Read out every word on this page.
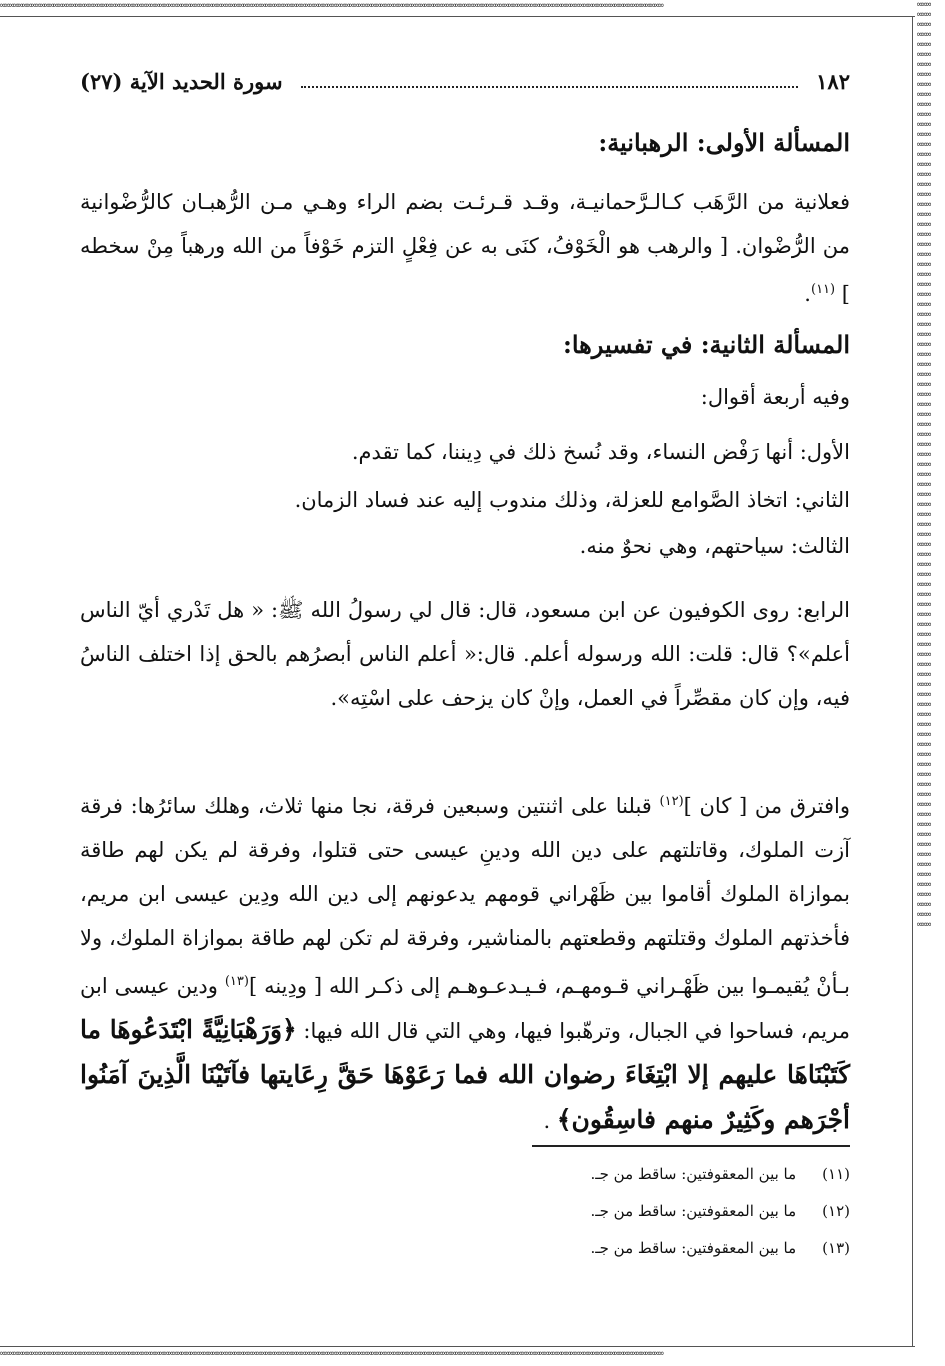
∞∞∞∞∞∞∞∞∞∞∞∞∞∞∞∞∞∞∞∞∞∞∞∞∞∞∞∞∞∞∞∞∞∞∞∞∞∞∞∞∞∞∞∞∞∞∞∞∞∞∞∞∞∞∞∞∞∞∞∞∞∞∞∞∞∞∞∞∞∞∞∞∞∞∞∞∞∞∞∞∞∞∞∞∞∞∞∞∞∞∞∞∞∞∞∞∞∞∞∞∞∞∞∞∞∞∞∞∞∞∞∞∞∞∞∞∞∞∞∞∞∞∞∞∞∞∞∞∞∞∞∞∞∞∞∞∞∞∞∞∞∞∞∞∞∞∞∞∞∞
∞∞∞∞∞∞∞∞∞∞∞∞∞∞∞∞∞∞∞∞∞∞∞∞∞∞∞∞∞∞∞∞∞∞∞∞∞∞∞∞∞∞∞∞∞∞∞∞∞∞∞∞∞∞∞∞∞∞∞∞∞∞∞∞∞∞∞∞∞∞∞∞∞∞∞∞∞∞∞∞∞∞∞∞∞∞∞∞∞∞∞∞∞∞∞∞∞∞∞∞∞∞∞∞∞∞∞∞∞∞∞∞∞∞∞∞∞∞∞∞∞∞∞∞∞∞∞∞∞∞∞∞∞∞∞∞∞∞∞∞∞∞∞∞∞∞∞∞∞∞
∞∞∞∞∞∞∞∞∞∞∞∞∞∞∞∞∞∞∞∞∞∞∞∞∞∞∞∞∞∞∞∞∞∞∞∞∞∞∞∞∞∞∞∞∞∞∞∞∞∞∞∞∞∞∞∞∞∞∞∞∞∞∞∞∞∞∞∞∞∞∞∞∞∞∞∞∞∞∞∞∞∞∞∞∞∞∞∞∞∞∞∞∞∞∞∞∞∞∞∞∞∞∞∞∞∞∞∞∞∞∞∞∞∞∞∞∞∞∞∞∞∞∞∞∞∞∞∞∞∞∞∞∞∞∞∞∞∞∞∞∞∞∞∞∞∞∞∞∞∞∞∞∞∞∞∞∞∞∞∞∞∞∞∞∞∞∞∞∞∞∞∞∞∞∞∞∞∞∞∞∞∞∞∞∞∞∞∞∞∞∞∞∞∞∞∞∞∞∞∞∞∞∞∞∞∞∞∞∞∞∞∞∞∞∞∞∞∞∞∞∞∞∞∞∞∞∞∞∞∞∞∞∞∞∞∞∞∞∞∞∞∞∞∞∞∞∞∞∞∞∞∞∞∞∞∞∞∞∞∞∞∞∞∞∞∞∞∞∞∞∞∞∞∞∞∞∞∞∞
١٨٢
سورة الحديد الآية (٢٧)
المسألة الأولى: الرهبانية:
فعلانية من الرَّهَب كـالـرَّحمانيـة، وقـد قـرئـت بضم الراء وهـي مـن الرُّهبـان كالرُّضْوانية من الرُّضْوان. [ والرهب هو الْخَوْفُ، كنَى به عن فِعْلٍ التزم خَوْفاً من الله ورهباً مِنْ سخطه ] $^{(١١)}$.
المسألة الثانية: في تفسيرها:
وفيه أربعة أقوال:
الأول: أنها رَفْض النساء، وقد نُسخ ذلك في دِيننا، كما تقدم.
الثاني: اتخاذ الصَّوامع للعزلة، وذلك مندوب إليه عند فساد الزمان.
الثالث: سياحتهم، وهي نحوٌ منه.
الرابع: روى الكوفيون عن ابن مسعود، قال: قال لي رسولُ الله ﷺ: « هل تَدْري أيّ الناس أعلم»؟ قال: قلت: الله ورسوله أعلم. قال:« أعلم الناس أبصرُهم بالحق إذا اختلف الناسُ فيه، وإن كان مقصِّراً في العمل، وإنْ كان يزحف على اسْتِه».
وافترق من [ كان ]$^{(١٢)}$ قبلنا على اثنتين وسبعين فرقة، نجا منها ثلاث، وهلك سائرُها: فرقة آزت الملوك، وقاتلتهم على دين الله ودينِ عيسى حتى قتلوا، وفرقة لم يكن لهم طاقة بموازاة الملوك أقاموا بين ظَهْراني قومهم يدعونهم إلى دين الله ودِين عيسى ابن مريم، فأخذتهم الملوك وقتلتهم وقطعتهم بالمناشير، وفرقة لم تكن لهم طاقة بموازاة الملوك، ولا بـأنْ يُقيمـوا بين ظَهْـراني قـومهـم، فـيـدعـوهـم إلى ذكـر الله [ ودِينه ]$^{(١٣)}$ ودين عيسى ابن مريم، فساحوا في الجبال، وترهّبوا فيها، وهي التي قال الله فيها: ﴿وَرَهْبَانِيَّةً ابْتَدَعُوهَا ما كَتَبْنَاهَا عليهم إلا ابْتِغَاءَ رضوان الله فما رَعَوْهَا حَقَّ رِعَايتها فآتَيْنَا الَّذِينَ آمَنُوا أجْرَهم وكَثِيرٌ منهم فاسِقُون﴾ .
(١١)
ما بين المعقوفتين: ساقط من جـ.
(١٢)
ما بين المعقوفتين: ساقط من جـ.
(١٣)
ما بين المعقوفتين: ساقط من جـ.
